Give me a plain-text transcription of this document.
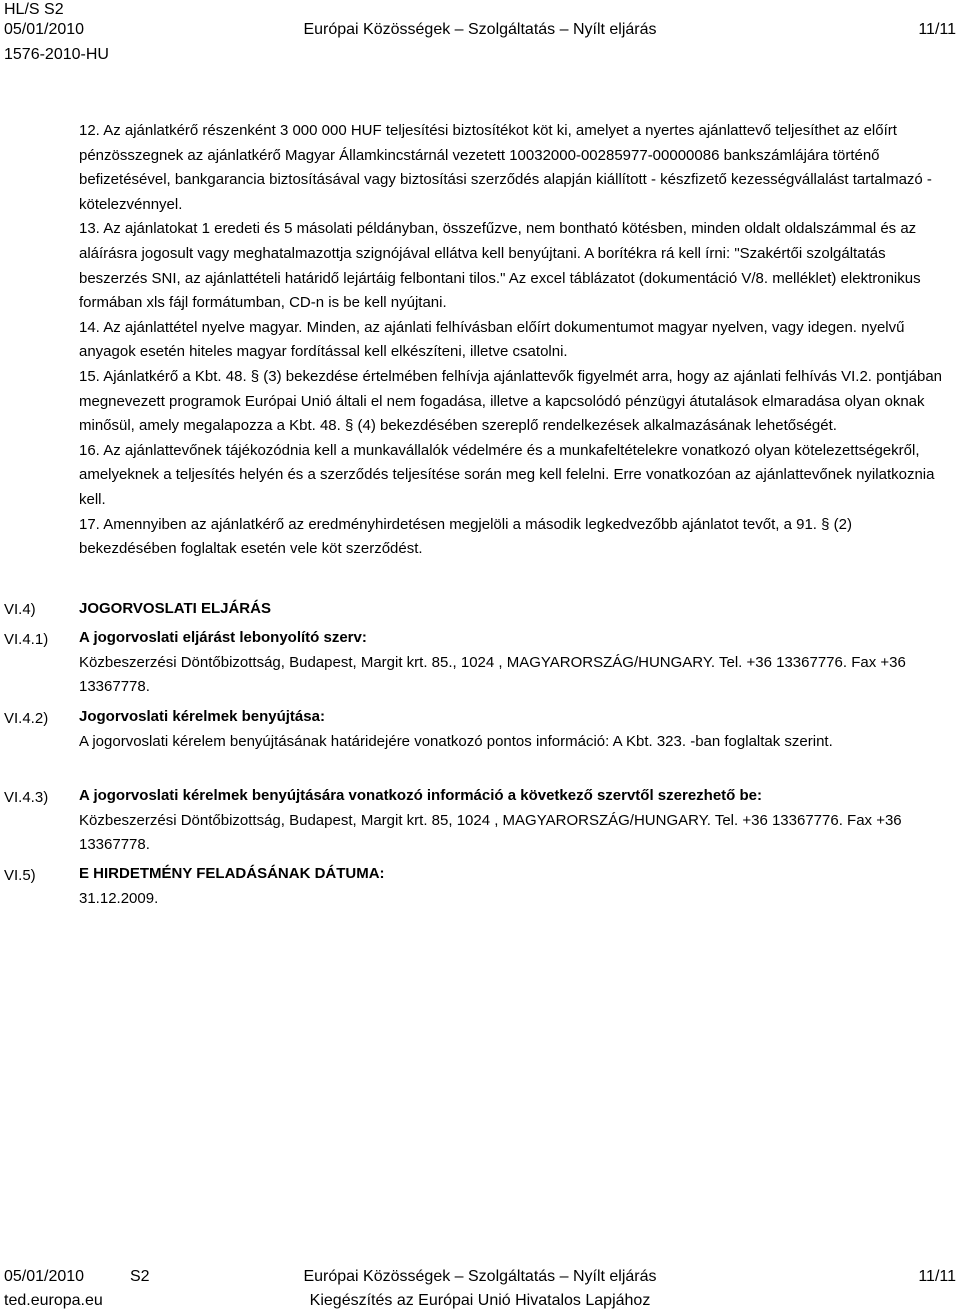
HL/S S2
05/01/2010
1576-2010-HU
Európai Közösségek – Szolgáltatás – Nyílt eljárás	11/11

12. Az ajánlatkérő részenként 3 000 000 HUF teljesítési biztosítékot köt ki, amelyet a nyertes ajánlattevő teljesíthet az előírt pénzösszegnek az ajánlatkérő Magyar Államkincstárnál vezetett 10032000-00285977-00000086 bankszámlájára történő befizetésével, bankgarancia biztosításával vagy biztosítási szerződés alapján kiállított - készfizető kezességvállalást tartalmazó - kötelezvénnyel.

13. Az ajánlatokat 1 eredeti és 5 másolati példányban, összefűzve, nem bontható kötésben, minden oldalt oldalszámmal és az aláírásra jogosult vagy meghatalmazottja szignójával ellátva kell benyújtani. A borítékra rá kell írni: "Szakértői szolgáltatás beszerzés SNI, az ajánlattételi határidő lejártáig felbontani tilos." Az excel táblázatot (dokumentáció V/8. melléklet) elektronikus formában xls fájl formátumban, CD-n is be kell nyújtani.

14. Az ajánlattétel nyelve magyar. Minden, az ajánlati felhívásban előírt dokumentumot magyar nyelven, vagy idegen. nyelvű anyagok esetén hiteles magyar fordítással kell elkészíteni, illetve csatolni.

15. Ajánlatkérő a Kbt. 48. § (3) bekezdése értelmében felhívja ajánlattevők figyelmét arra, hogy az ajánlati felhívás VI.2. pontjában megnevezett programok Európai Unió általi el nem fogadása, illetve a kapcsolódó pénzügyi átutalások elmaradása olyan oknak minősül, amely megalapozza a Kbt. 48. § (4) bekezdésében szereplő rendelkezések alkalmazásának lehetőségét.

16. Az ajánlattevőnek tájékozódnia kell a munkavállalók védelmére és a munkafeltételekre vonatkozó olyan kötelezettségekről, amelyeknek a teljesítés helyén és a szerződés teljesítése során meg kell felelni. Erre vonatkozóan az ajánlattevőnek nyilatkoznia kell.

17. Amennyiben az ajánlatkérő az eredményhirdetésen megjelöli a második legkedvezőbb ajánlatot tevőt, a 91. § (2) bekezdésében foglaltak esetén vele köt szerződést.

VI.4)	JOGORVOSLATI ELJÁRÁS
VI.4.1) A jogorvoslati eljárást lebonyolító szerv:

Közbeszerzési Döntőbizottság, Budapest, Margit krt. 85., 1024 , MAGYARORSZÁG/HUNGARY. Tel. +36 13367776. Fax +36 13367778.

VI.4.2) Jogorvoslati kérelmek benyújtása:

A jogorvoslati kérelem benyújtásának határidejére vonatkozó pontos információ: A Kbt. 323. -ban foglaltak szerint.

VI.4.3) A jogorvoslati kérelmek benyújtására vonatkozó információ a következő szervtől szerezhető be:

Közbeszerzési Döntőbizottság, Budapest, Margit krt. 85, 1024 , MAGYARORSZÁG/HUNGARY. Tel. +36 13367776. Fax +36 13367778.

VI.5)	E HIRDETMÉNY FELADÁSÁNAK DÁTUMA:

31.12.2009.

05/01/2010	S2
ted.europa.eu
Európai Közösségek – Szolgáltatás – Nyílt eljárás
Kiegészítés az Európai Unió Hivatalos Lapjához
11/11
